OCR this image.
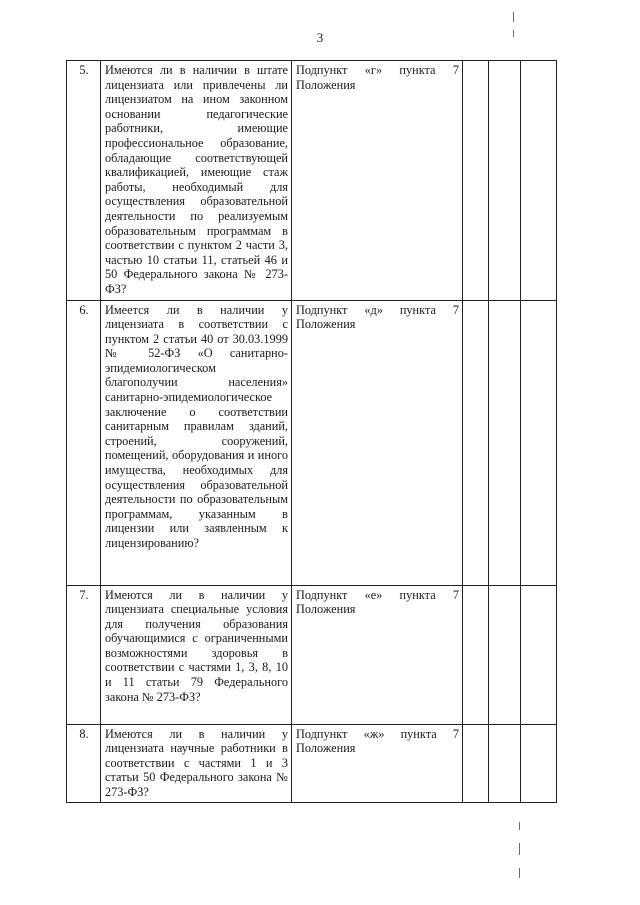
3
5.	Имеются ли в наличии в штате лицензиата или привлечены ли лицензиатом на ином законном основании педагогические работники, имеющие профессиональное образование, обладающие соответствующей квалификацией, имеющие стаж работы, необходимый для осуществления образовательной деятельности по реализуемым образовательным программам в соответствии с пунктом 2 части 3, частью 10 статьи 11, статьей 46 и 50 Федерального закона № 273-ФЗ?	Подпункт «г» пункта 7 Положения			
6.	Имеется ли в наличии у лицензиата в соответствии с пунктом 2 статьи 40 от 30.03.1999 № 52-ФЗ «О санитарно-эпидемиологическом благополучии населения» санитарно-эпидемиологическое заключение о соответствии санитарным правилам зданий, строений, сооружений, помещений, оборудования и иного имущества, необходимых для осуществления образовательной деятельности по образовательным программам, указанным в лицензии или заявленным к лицензированию?	Подпункт «д» пункта 7 Положения			
7.	Имеются ли в наличии у лицензиата специальные условия для получения образования обучающимися с ограниченными возможностями здоровья в соответствии с частями 1, 3, 8, 10 и 11 статьи 79 Федерального закона № 273-ФЗ?	Подпункт «е» пункта 7 Положения			
8.	Имеются ли в наличии у лицензиата научные работники в соответствии с частями 1 и 3 статьи 50 Федерального закона № 273-ФЗ?	Подпункт «ж» пункта 7 Положения			
